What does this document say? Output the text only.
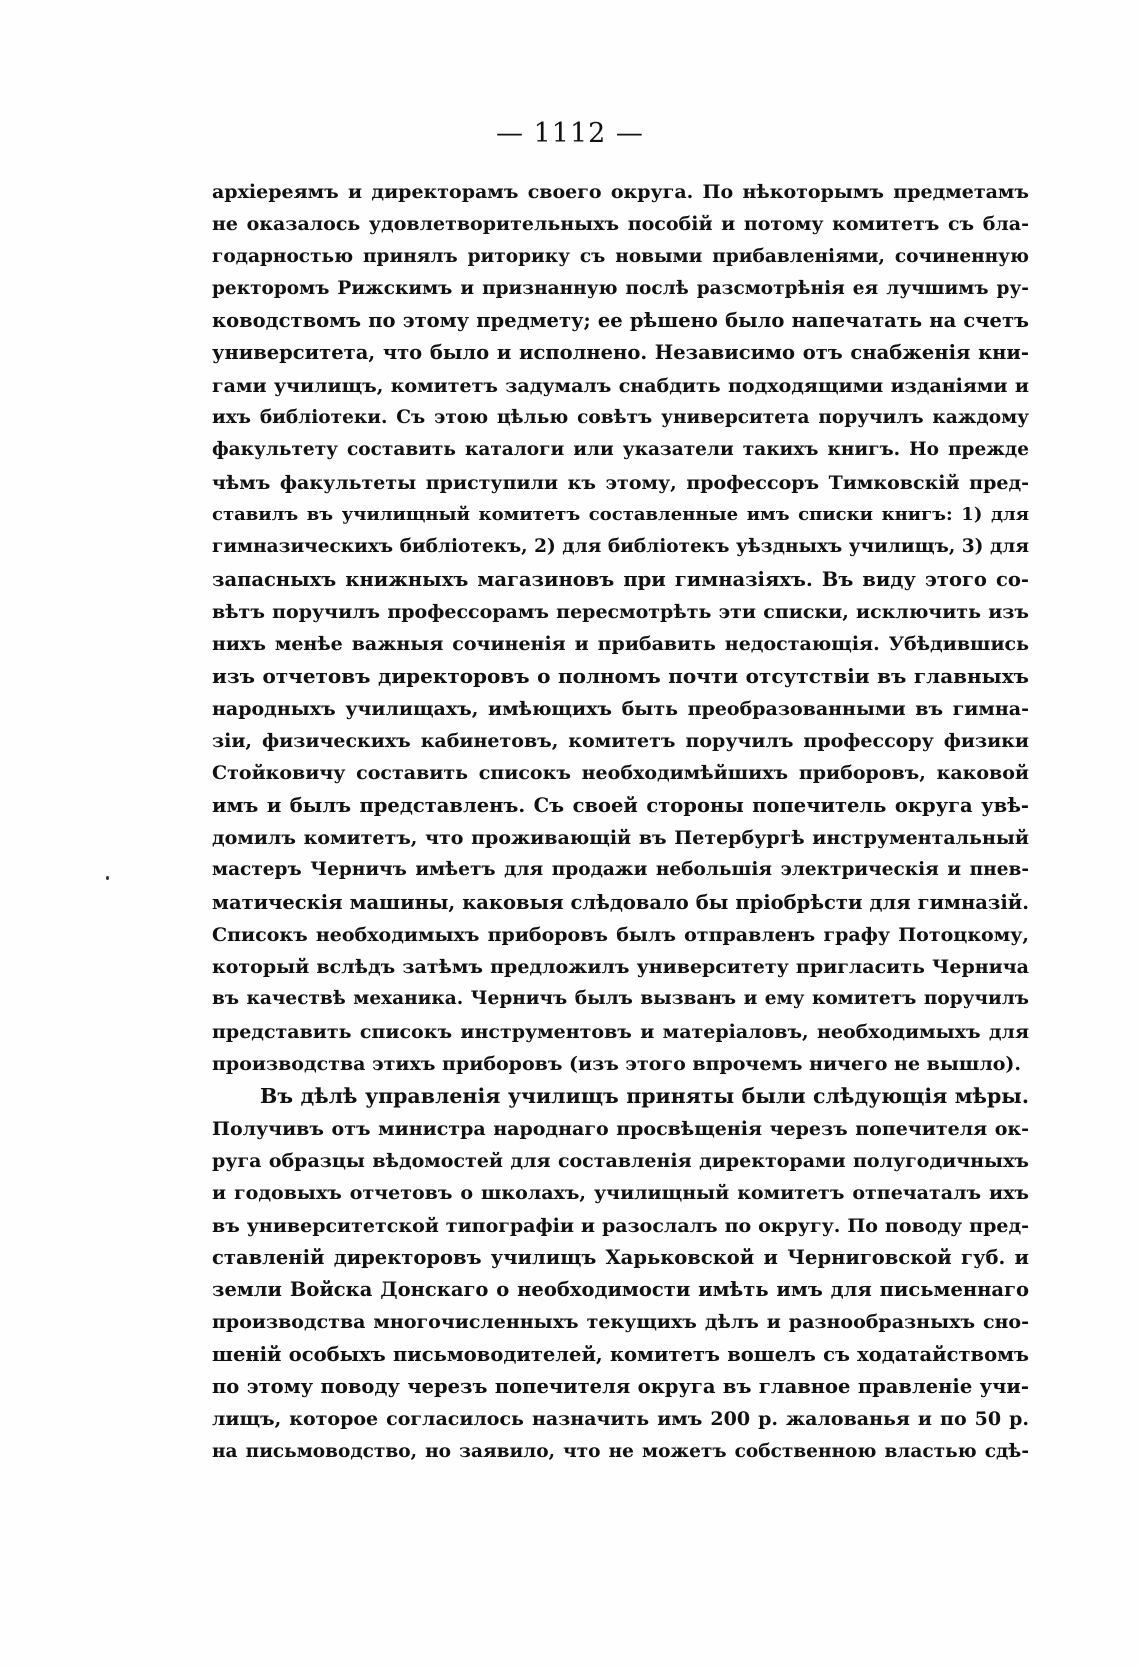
— 1112 —
архіереямъ и директорамъ своего округа. По нѣкоторымъ предметамъ
не оказалось удовлетворительныхъ пособій и потому комитетъ съ бла-
годарностью принялъ риторику съ новыми прибавленіями, сочиненную
ректоромъ Рижскимъ и признанную послѣ разсмотрѣнія ея лучшимъ ру-
ководствомъ по этому предмету; ее рѣшено было напечатать на счетъ
университета, что было и исполнено. Независимо отъ снабженія кни-
гами училищъ, комитетъ задумалъ снабдить подходящими изданіями и
ихъ библіотеки. Съ этою цѣлью совѣтъ университета поручилъ каждому
факультету составить каталоги или указатели такихъ книгъ. Но прежде
чѣмъ факультеты приступили къ этому, профессоръ Тимковскій пред-
ставилъ въ училищный комитетъ составленные имъ списки книгъ: 1) для
гимназическихъ библіотекъ, 2) для библіотекъ уѣздныхъ училищъ, 3) для
запасныхъ книжныхъ магазиновъ при гимназіяхъ. Въ виду этого со-
вѣтъ поручилъ профессорамъ пересмотрѣть эти списки, исключить изъ
нихъ менѣе важныя сочиненія и прибавить недостающія. Убѣдившись
изъ отчетовъ директоровъ о полномъ почти отсутствіи въ главныхъ
народныхъ училищахъ, имѣющихъ быть преобразованными въ гимна-
зіи, физическихъ кабинетовъ, комитетъ поручилъ профессору физики
Стойковичу составить списокъ необходимѣйшихъ приборовъ, каковой
имъ и былъ представленъ. Съ своей стороны попечитель округа увѣ-
домилъ комитетъ, что проживающій въ Петербургѣ инструментальный
мастеръ Черничъ имѣетъ для продажи небольшія электрическія и пнев-
матическія машины, каковыя слѣдовало бы пріобрѣсти для гимназій.
Списокъ необходимыхъ приборовъ былъ отправленъ графу Потоцкому,
который вслѣдъ затѣмъ предложилъ университету пригласить Чернича
въ качествѣ механика. Черничъ былъ вызванъ и ему комитетъ поручилъ
представить списокъ инструментовъ и матеріаловъ, необходимыхъ для
производства этихъ приборовъ (изъ этого впрочемъ ничего не вышло).
Въ дѣлѣ управленія училищъ приняты были слѣдующія мѣры.
Получивъ отъ министра народнаго просвѣщенія черезъ попечителя ок-
руга образцы вѣдомостей для составленія директорами полугодичныхъ
и годовыхъ отчетовъ о школахъ, училищный комитетъ отпечаталъ ихъ
въ университетской типографіи и разослалъ по округу. По поводу пред-
ставленій директоровъ училищъ Харьковской и Черниговской губ. и
земли Войска Донскаго о необходимости имѣть имъ для письменнаго
производства многочисленныхъ текущихъ дѣлъ и разнообразныхъ сно-
шеній особыхъ письмоводителей, комитетъ вошелъ съ ходатайствомъ
по этому поводу черезъ попечителя округа въ главное правленіе учи-
лищъ, которое согласилось назначить имъ 200 р. жалованья и по 50 р.
на письмоводство, но заявило, что не можетъ собственною властью сдѣ-
